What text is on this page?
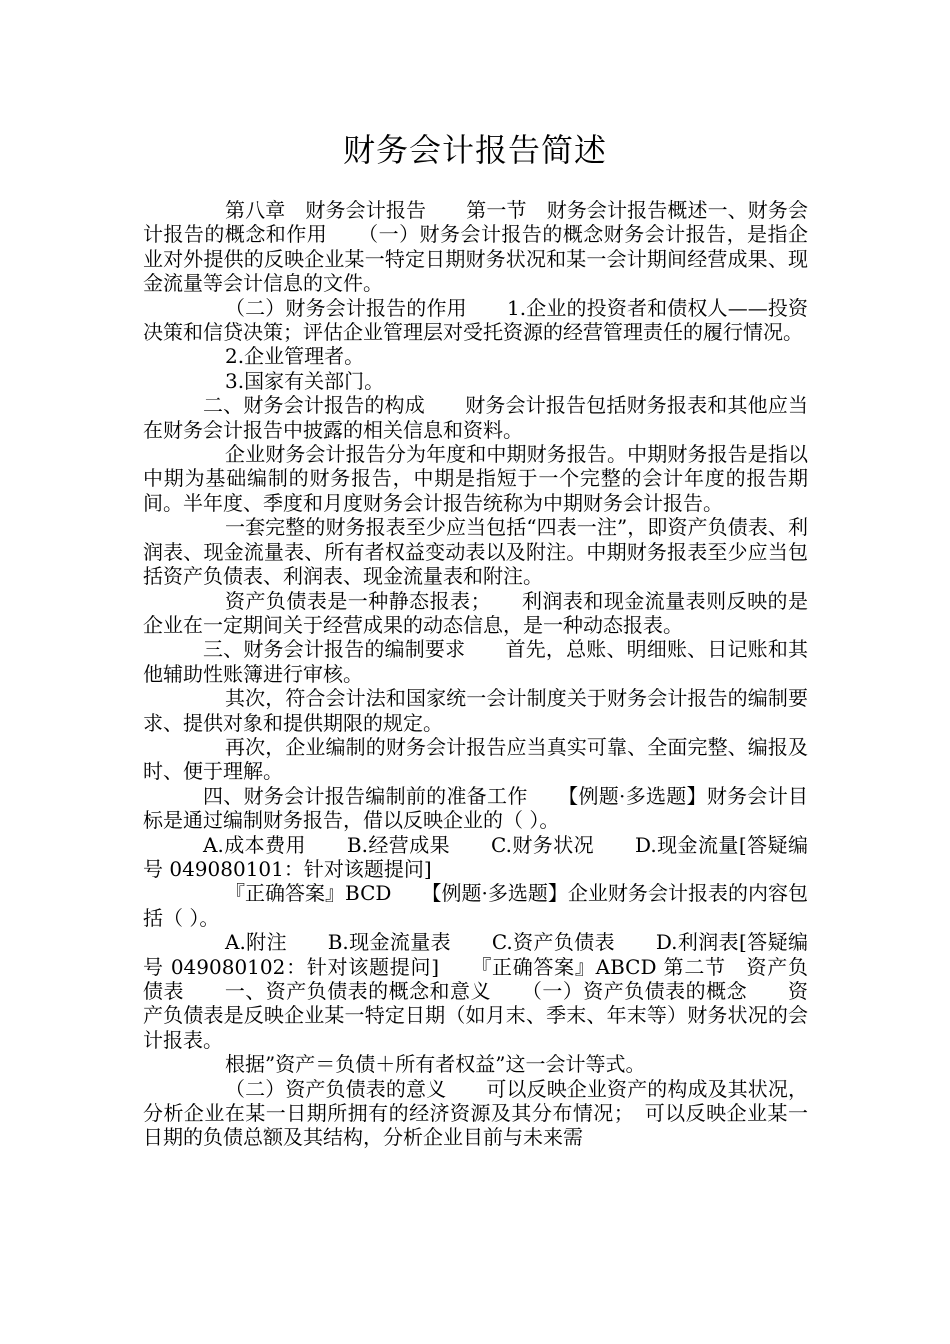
财务会计报告简述

第八章　财务会计报告　　第一节　财务会计报告概述一、财务会计报告的概念和作用　　（一）财务会计报告的概念财务会计报告，是指企业对外提供的反映企业某一特定日期财务状况和某一会计期间经营成果、现金流量等会计信息的文件。

（二）财务会计报告的作用　　1.企业的投资者和债权人——投资决策和信贷决策；评估企业管理层对受托资源的经营管理责任的履行情况。

2.企业管理者。

3.国家有关部门。

二、财务会计报告的构成　　财务会计报告包括财务报表和其他应当在财务会计报告中披露的相关信息和资料。

企业财务会计报告分为年度和中期财务报告。中期财务报告是指以中期为基础编制的财务报告，中期是指短于一个完整的会计年度的报告期间。半年度、季度和月度财务会计报告统称为中期财务会计报告。

一套完整的财务报表至少应当包括“四表一注”，即资产负债表、利润表、现金流量表、所有者权益变动表以及附注。中期财务报表至少应当包括资产负债表、利润表、现金流量表和附注。

资产负债表是一种静态报表；　　利润表和现金流量表则反映的是企业在一定期间关于经营成果的动态信息，是一种动态报表。

三、财务会计报告的编制要求　　首先，总账、明细账、日记账和其他辅助性账簿进行审核。

其次，符合会计法和国家统一会计制度关于财务会计报告的编制要求、提供对象和提供期限的规定。

再次，企业编制的财务会计报告应当真实可靠、全面完整、编报及时、便于理解。

四、财务会计报告编制前的准备工作　　【例题·多选题】财务会计目标是通过编制财务报告，借以反映企业的（ ）。

A.成本费用　　B.经营成果　　C.财务状况　　D.现金流量[答疑编号 049080101：针对该题提问]

『正确答案』BCD　　【例题·多选题】企业财务会计报表的内容包括（ ）。

A.附注　　B.现金流量表　　C.资产负债表　　D.利润表[答疑编号 049080102：针对该题提问]　　『正确答案』ABCD 第二节　资产负债表　　一、资产负债表的概念和意义　　（一）资产负债表的概念　　资产负债表是反映企业某一特定日期（如月末、季末、年末等）财务状况的会计报表。

根据”资产＝负债＋所有者权益”这一会计等式。

（二）资产负债表的意义　　可以反映企业资产的构成及其状况，分析企业在某一日期所拥有的经济资源及其分布情况；　可以反映企业某一日期的负债总额及其结构，分析企业目前与未来需
